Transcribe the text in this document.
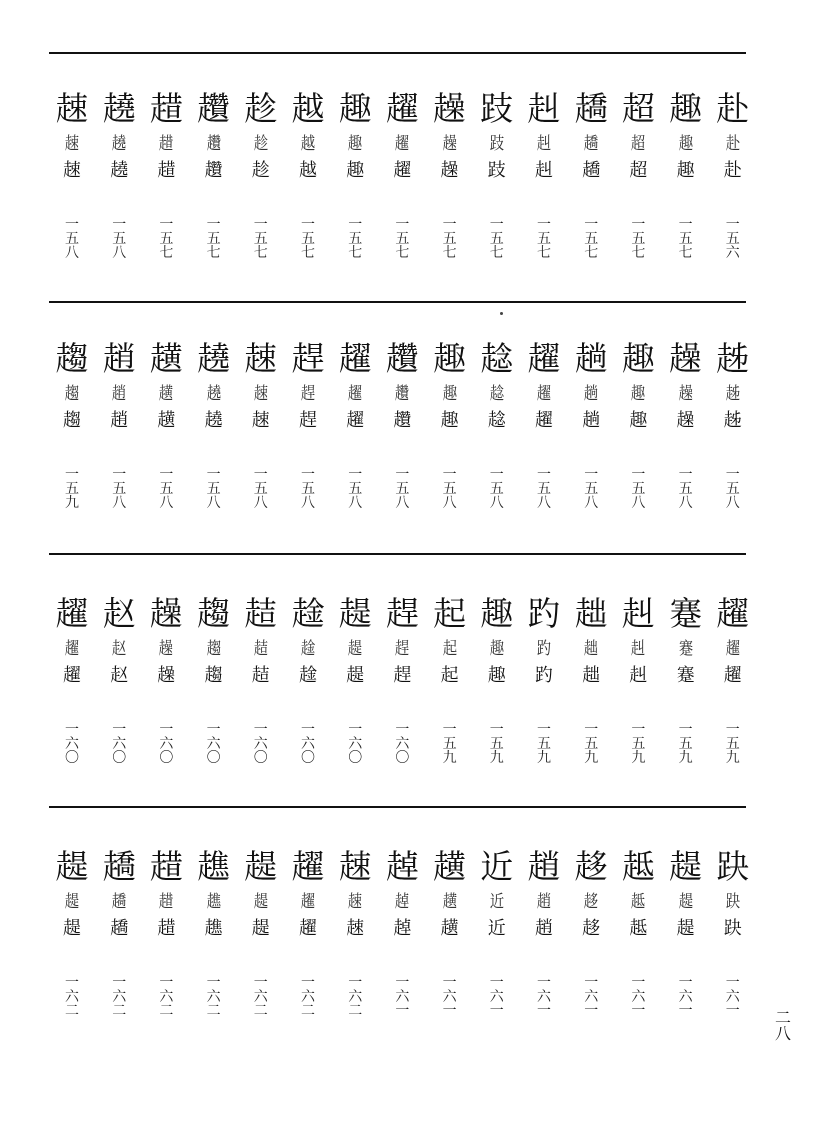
趚
趚
趚
一
五
八
趬
趬
趬
一
五
八
趞
趞
趞
一
五
七
趲
趲
趲
一
五
七
趁
趁
趁
一
五
七
越
越
越
一
五
七
趣
趣
趣
一
五
七
趯
趯
趯
一
五
七
趮
趮
趮
一
五
七
跂
跂
跂
一
五
七
赳
赳
赳
一
五
七
趫
趫
趫
一
五
七
超
超
超
一
五
七
趣
趣
趣
一
五
七
赴
赴
赴
一
五
六
趨
趨
趨
一
五
九
趙
趙
趙
一
五
八
趪
趪
趪
一
五
八
趬
趬
趬
一
五
八
趚
趚
趚
一
五
八
趕
趕
趕
一
五
八
趯
趯
趯
一
五
八
趲
趲
趲
一
五
八
趣
趣
趣
一
五
八
趝
趝
趝
一
五
八
趯
趯
趯
一
五
八
趟
趟
趟
一
五
八
趣
趣
趣
一
五
八
趮
趮
趮
一
五
八
趀
趀
趀
一
五
八
趯
趯
趯
一
六
〇
赵
赵
赵
一
六
〇
趮
趮
趮
一
六
〇
趨
趨
趨
一
六
〇
趌
趌
趌
一
六
〇
趛
趛
趛
一
六
〇
趧
趧
趧
一
六
〇
趕
趕
趕
一
六
〇
起
起
起
一
五
九
趣
趣
趣
一
五
九
趵
趵
趵
一
五
九
趉
趉
趉
一
五
九
赳
赳
赳
一
五
九
蹇
蹇
蹇
一
五
九
趯
趯
趯
一
五
九
趧
趧
趧
一
六
二
趫
趫
趫
一
六
二
趞
趞
趞
一
六
二
趭
趭
趭
一
六
二
趧
趧
趧
一
六
二
趯
趯
趯
一
六
二
趚
趚
趚
一
六
二
趠
趠
趠
一
六
一
趪
趪
趪
一
六
一
近
近
近
一
六
一
趙
趙
趙
一
六
一
趍
趍
趍
一
六
一
趆
趆
趆
一
六
一
趧
趧
趧
一
六
一
趹
趹
趹
一
六
一	二
八
